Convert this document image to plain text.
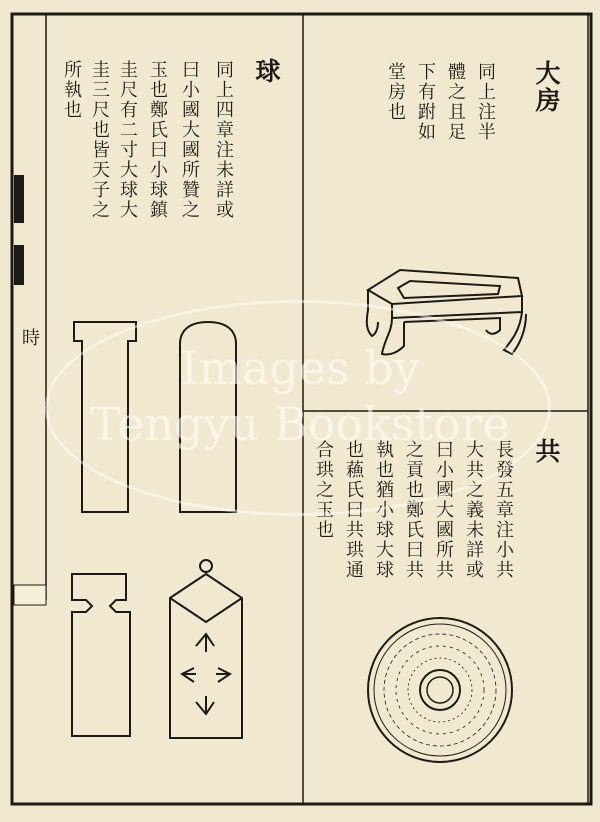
時
球
同上四章注未詳或
曰小國大國所贊之
玉也鄭氏曰小球鎮
圭尺有二寸大球大
圭三尺也皆天子之
所執也	大房
同上注半
體之且足
下有跗如
堂房也
共
長發五章注小共
大共之義未詳或
曰小國大國所共
之貢也鄭氏曰共
執也猶小球大球
也蘓氏曰共珙通
合珙之玉也
Images by
Tengyu Bookstore
